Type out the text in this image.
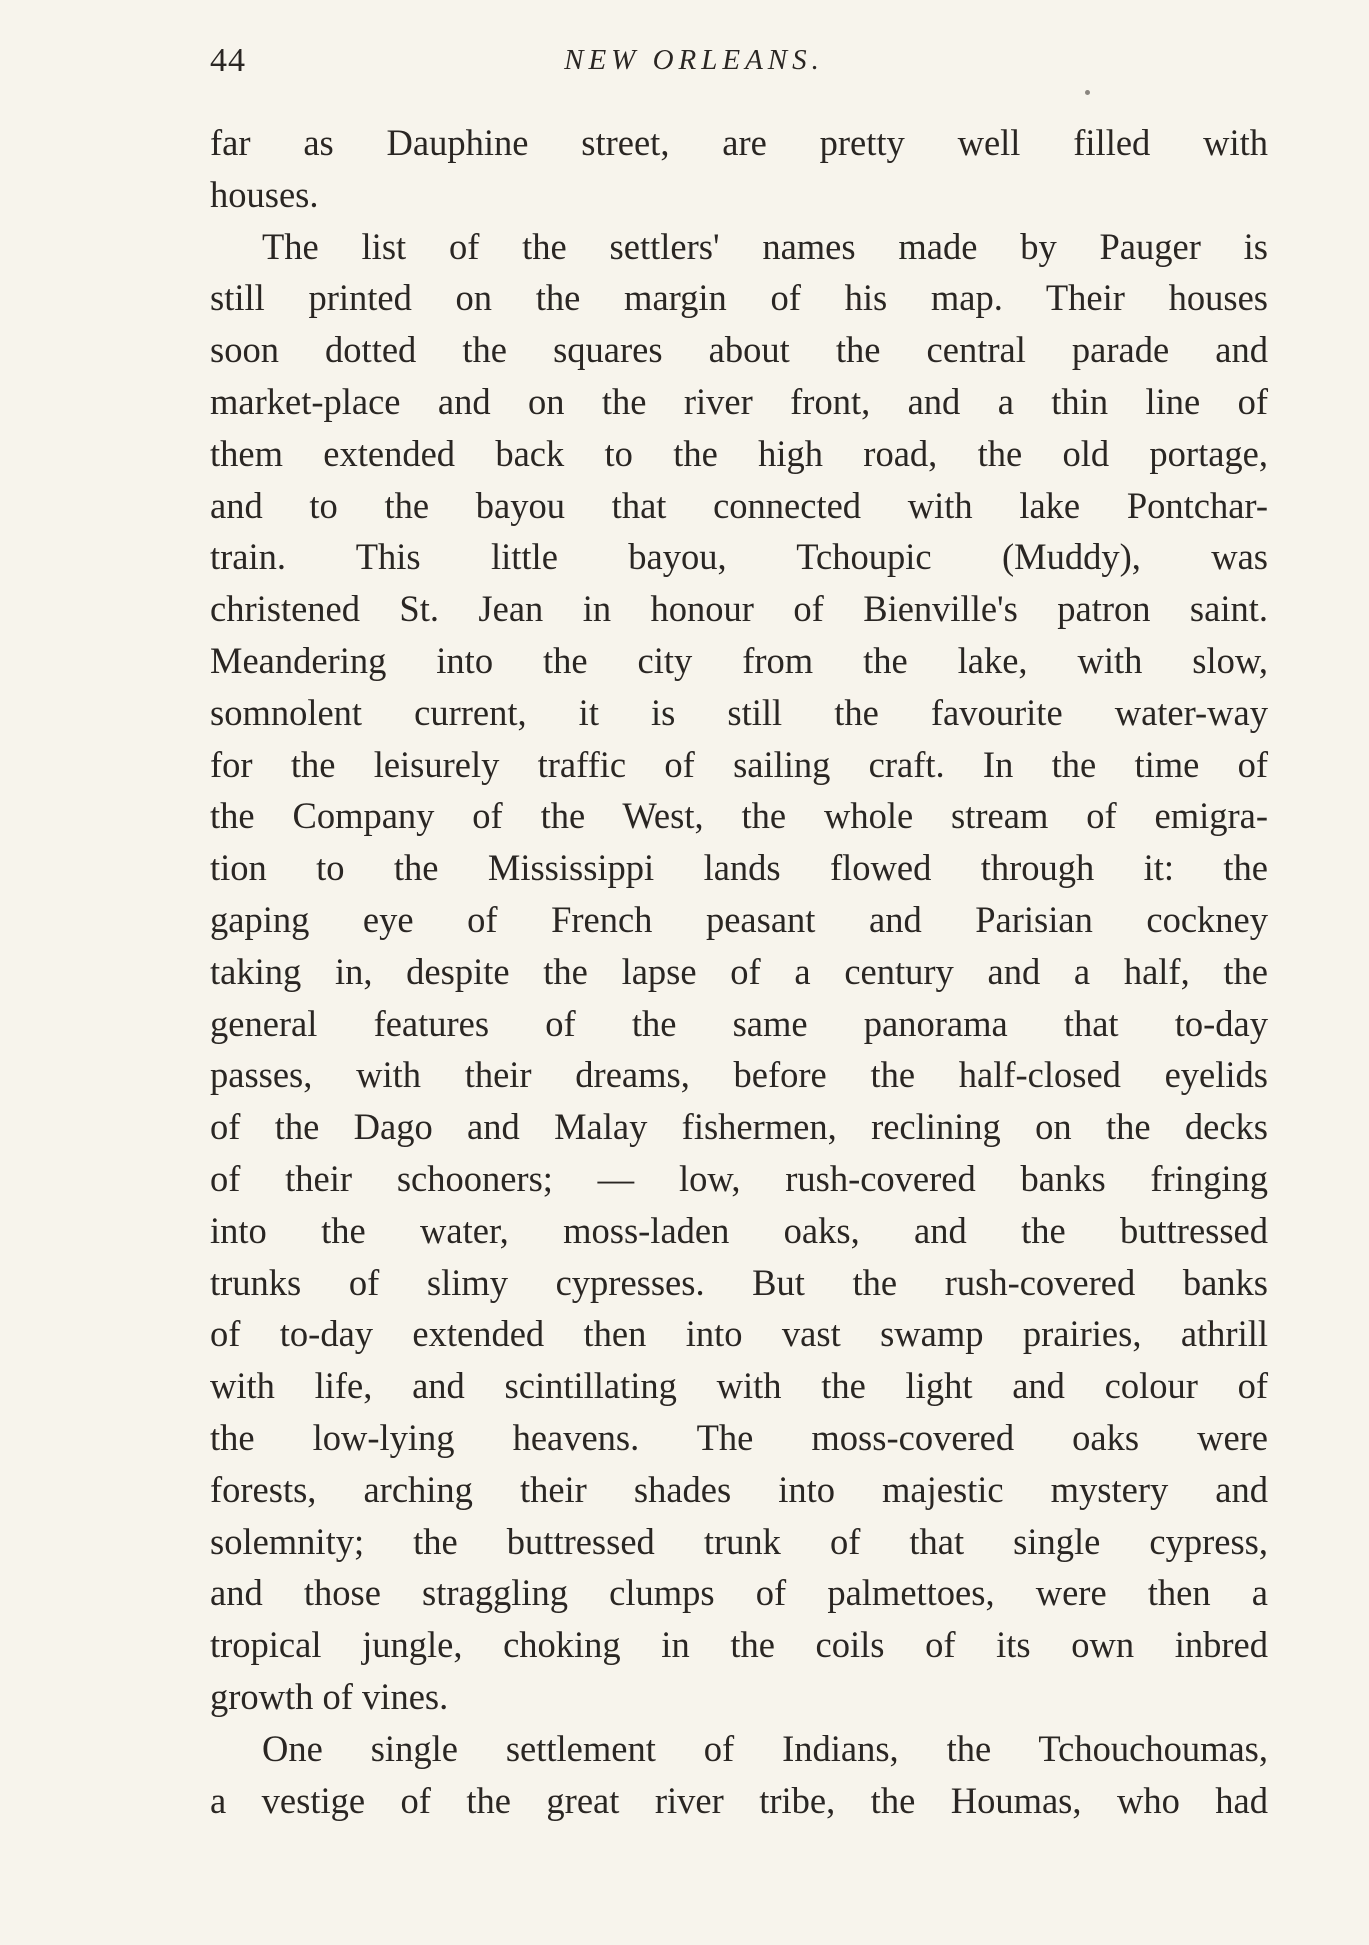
44	NEW ORLEANS.
far as Dauphine street, are pretty well filled with
houses.
The list of the settlers' names made by Pauger is
still printed on the margin of his map. Their houses
soon dotted the squares about the central parade and
market-place and on the river front, and a thin line of
them extended back to the high road, the old portage,
and to the bayou that connected with lake Pontchar-
train. This little bayou, Tchoupic (Muddy), was
christened St. Jean in honour of Bienville's patron saint.
Meandering into the city from the lake, with slow,
somnolent current, it is still the favourite water-way
for the leisurely traffic of sailing craft. In the time of
the Company of the West, the whole stream of emigra-
tion to the Mississippi lands flowed through it: the
gaping eye of French peasant and Parisian cockney
taking in, despite the lapse of a century and a half, the
general features of the same panorama that to-day
passes, with their dreams, before the half-closed eyelids
of the Dago and Malay fishermen, reclining on the decks
of their schooners; — low, rush-covered banks fringing
into the water, moss-laden oaks, and the buttressed
trunks of slimy cypresses. But the rush-covered banks
of to-day extended then into vast swamp prairies, athrill
with life, and scintillating with the light and colour of
the low-lying heavens. The moss-covered oaks were
forests, arching their shades into majestic mystery and
solemnity; the buttressed trunk of that single cypress,
and those straggling clumps of palmettoes, were then a
tropical jungle, choking in the coils of its own inbred
growth of vines.
One single settlement of Indians, the Tchouchoumas,
a vestige of the great river tribe, the Houmas, who had
